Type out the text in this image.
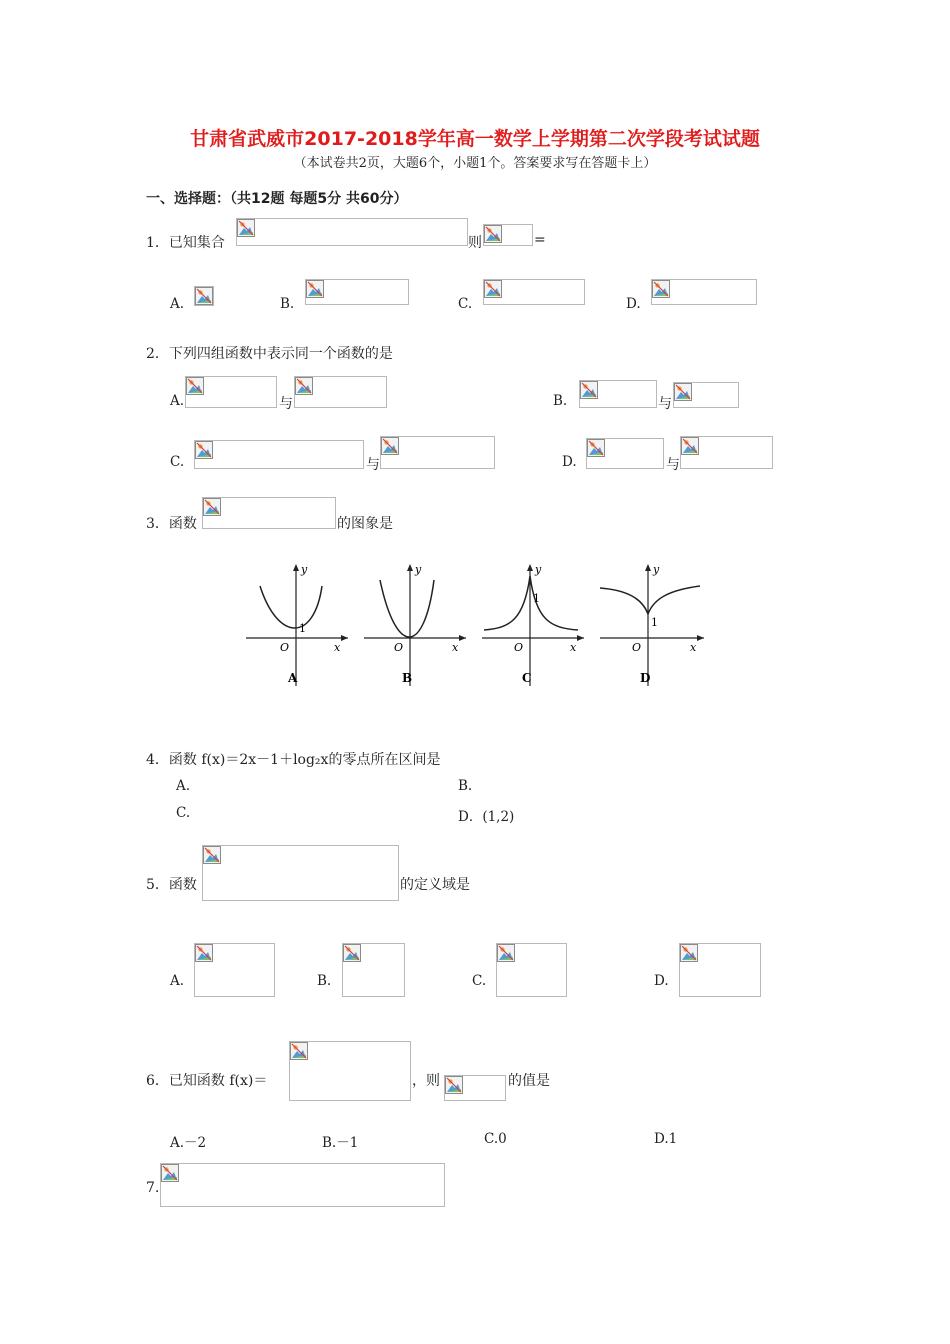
甘肃省武威市2017-2018学年高一数学上学期第二次学段考试试题
（本试卷共2页，大题6个，小题1个。答案要求写在答题卡上）
一、选择题：（共12题 每题5分 共60分）
1．已知集合	则	=
A.	B.	C.	D.
2．下列四组函数中表示同一个函数的是
A.	与	B.	与
C.	与	D.	与
3．函数	的图象是
y
x
O
1
A
y
x
O
B
y
x
O
1
C
y
x
O
1
D
4．函数 f(x)＝2x－1＋log₂x的零点所在区间是
A.	B.
C.	D．(1,2)
5．函数	的定义域是
A.	B.	C.	D.
6．已知函数 f(x)＝	，则	的值是
A.－2	B.－1	C.0	D.1
7.
